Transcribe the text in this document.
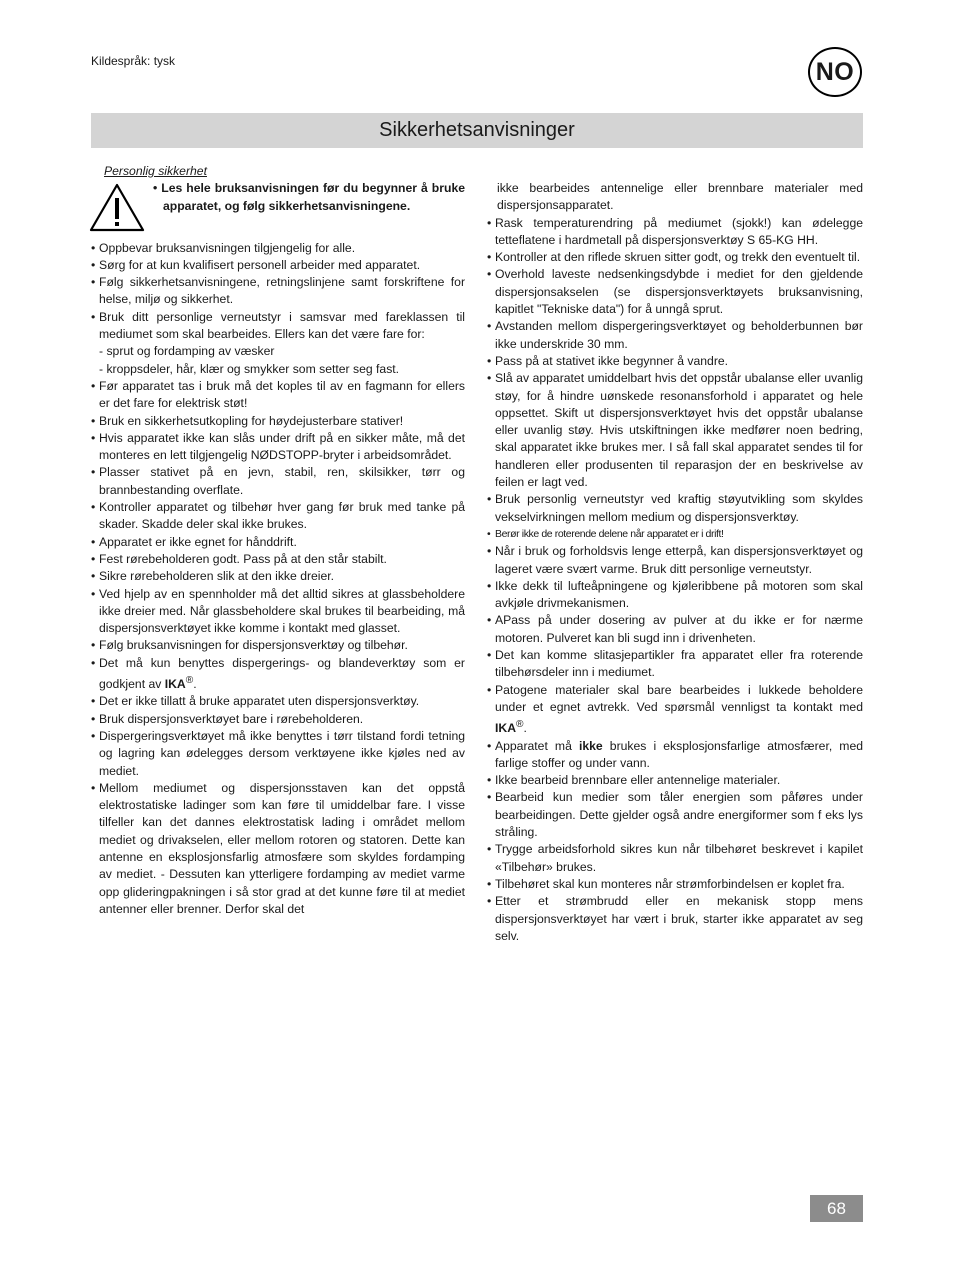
Kildespråk: tysk	NO
Sikkerhetsanvisninger
Personlig sikkerhet
• Les hele bruksanvisningen før du begynner å bruke apparatet, og følg sikkerhetsanvisningene.
• Oppbevar bruksanvisningen tilgjengelig for alle.
• Sørg for at kun kvalifisert personell arbeider med apparatet.
• Følg sikkerhetsanvisningene, retningslinjene samt forskriftene for helse, miljø og sikkerhet.
• Bruk ditt personlige verneutstyr i samsvar med fareklassen til mediumet som skal bearbeides. Ellers kan det være fare for:
- sprut og fordamping av væsker
- kroppsdeler, hår, klær og smykker som setter seg fast.
• Før apparatet tas i bruk må det koples til av en fagmann for ellers er det fare for elektrisk støt!
• Bruk en sikkerhetsutkopling for høydejusterbare stativer!
• Hvis apparatet ikke kan slås under drift på en sikker måte, må det monteres en lett tilgjengelig NØDSTOPP-bryter i arbeidsområdet.
• Plasser stativet på en jevn, stabil, ren, skilsikker, tørr og brannbestanding overflate.
• Kontroller apparatet og tilbehør hver gang før bruk med tanke på skader. Skadde deler skal ikke brukes.
• Apparatet er ikke egnet for hånddrift.
• Fest rørebeholderen godt. Pass på at den står stabilt.
• Sikre rørebeholderen slik at den ikke dreier.
• Ved hjelp av en spennholder må det alltid sikres at glassbeholdere ikke dreier med. Når glassbeholdere skal brukes til bearbeiding, må dispersjonsverktøyet ikke komme i kontakt med glasset.
• Følg bruksanvisningen for dispersjonsverktøy og tilbehør.
• Det må kun benyttes dispergerings- og blandeverktøy som er godkjent av IKA®.
• Det er ikke tillatt å bruke apparatet uten dispersjonsverktøy.
• Bruk dispersjonsverktøyet bare i rørebeholderen.
• Dispergeringsverktøyet må ikke benyttes i tørr tilstand fordi tetning og lagring kan ødelegges dersom verktøyene ikke kjøles ned av mediet.
• Mellom mediumet og dispersjonsstaven kan det oppstå elektrostatiske ladinger som kan føre til umiddelbar fare. I visse tilfeller kan det dannes elektrostatisk lading i området mellom mediet og drivakselen, eller mellom rotoren og statoren. Dette kan antenne en eksplosjonsfarlig atmosfære som skyldes fordamping av mediet. - Dessuten kan ytterligere fordamping av mediet varme opp glideringpakningen i så stor grad at det kunne føre til at mediet antenner eller brenner. Derfor skal det
ikke bearbeides antennelige eller brennbare materialer med dispersjonsapparatet.
• Rask temperaturendring på mediumet (sjokk!) kan ødelegge tetteflatene i hardmetall på dispersjonsverktøy S 65-KG HH.
• Kontroller at den riflede skruen sitter godt, og trekk den eventuelt til.
• Overhold laveste nedsenkingsdybde i mediet for den gjeldende dispersjonsakselen (se dispersjonsverktøyets bruksanvisning, kapitlet "Tekniske data") for å unngå sprut.
• Avstanden mellom dispergeringsverktøyet og beholderbunnen bør ikke underskride 30 mm.
• Pass på at stativet ikke begynner å vandre.
• Slå av apparatet umiddelbart hvis det oppstår ubalanse eller uvanlig støy, for å hindre uønskede resonansforhold i apparatet og hele oppsettet. Skift ut dispersjonsverktøyet hvis det oppstår ubalanse eller uvanlig støy. Hvis utskiftningen ikke medfører noen bedring, skal apparatet ikke brukes mer. I så fall skal apparatet sendes til for handleren eller produsenten til reparasjon der en beskrivelse av feilen er lagt ved.
• Bruk personlig verneutstyr ved kraftig støyutvikling som skyldes vekselvirkningen mellom medium og dispersjonsverktøy.
• Berør ikke de roterende delene når apparatet er i drift!
• Når i bruk og forholdsvis lenge etterpå, kan dispersjonsverktøyet og lageret være svært varme. Bruk ditt personlige verneutstyr.
• Ikke dekk til lufteåpningene og kjøleribbene på motoren som skal avkjøle drivmekanismen.
• APass på under dosering av pulver at du ikke er for nærme motoren. Pulveret kan bli sugd inn i drivenheten.
• Det kan komme slitasjepartikler fra apparatet eller fra roterende tilbehørsdeler inn i mediumet.
• Patogene materialer skal bare bearbeides i lukkede beholdere under et egnet avtrekk. Ved spørsmål vennligst ta kontakt med IKA®.
• Apparatet må ikke brukes i eksplosjonsfarlige atmosfærer, med farlige stoffer og under vann.
• Ikke bearbeid brennbare eller antennelige materialer.
• Bearbeid kun medier som tåler energien som påføres under bearbeidingen. Dette gjelder også andre energiformer som f eks lys stråling.
• Trygge arbeidsforhold sikres kun når tilbehøret beskrevet i kapilet «Tilbehør» brukes.
• Tilbehøret skal kun monteres når strømforbindelsen er koplet fra.
• Etter et strømbrudd eller en mekanisk stopp mens dispersjonsverktøyet har vært i bruk, starter ikke apparatet av seg selv.
68
